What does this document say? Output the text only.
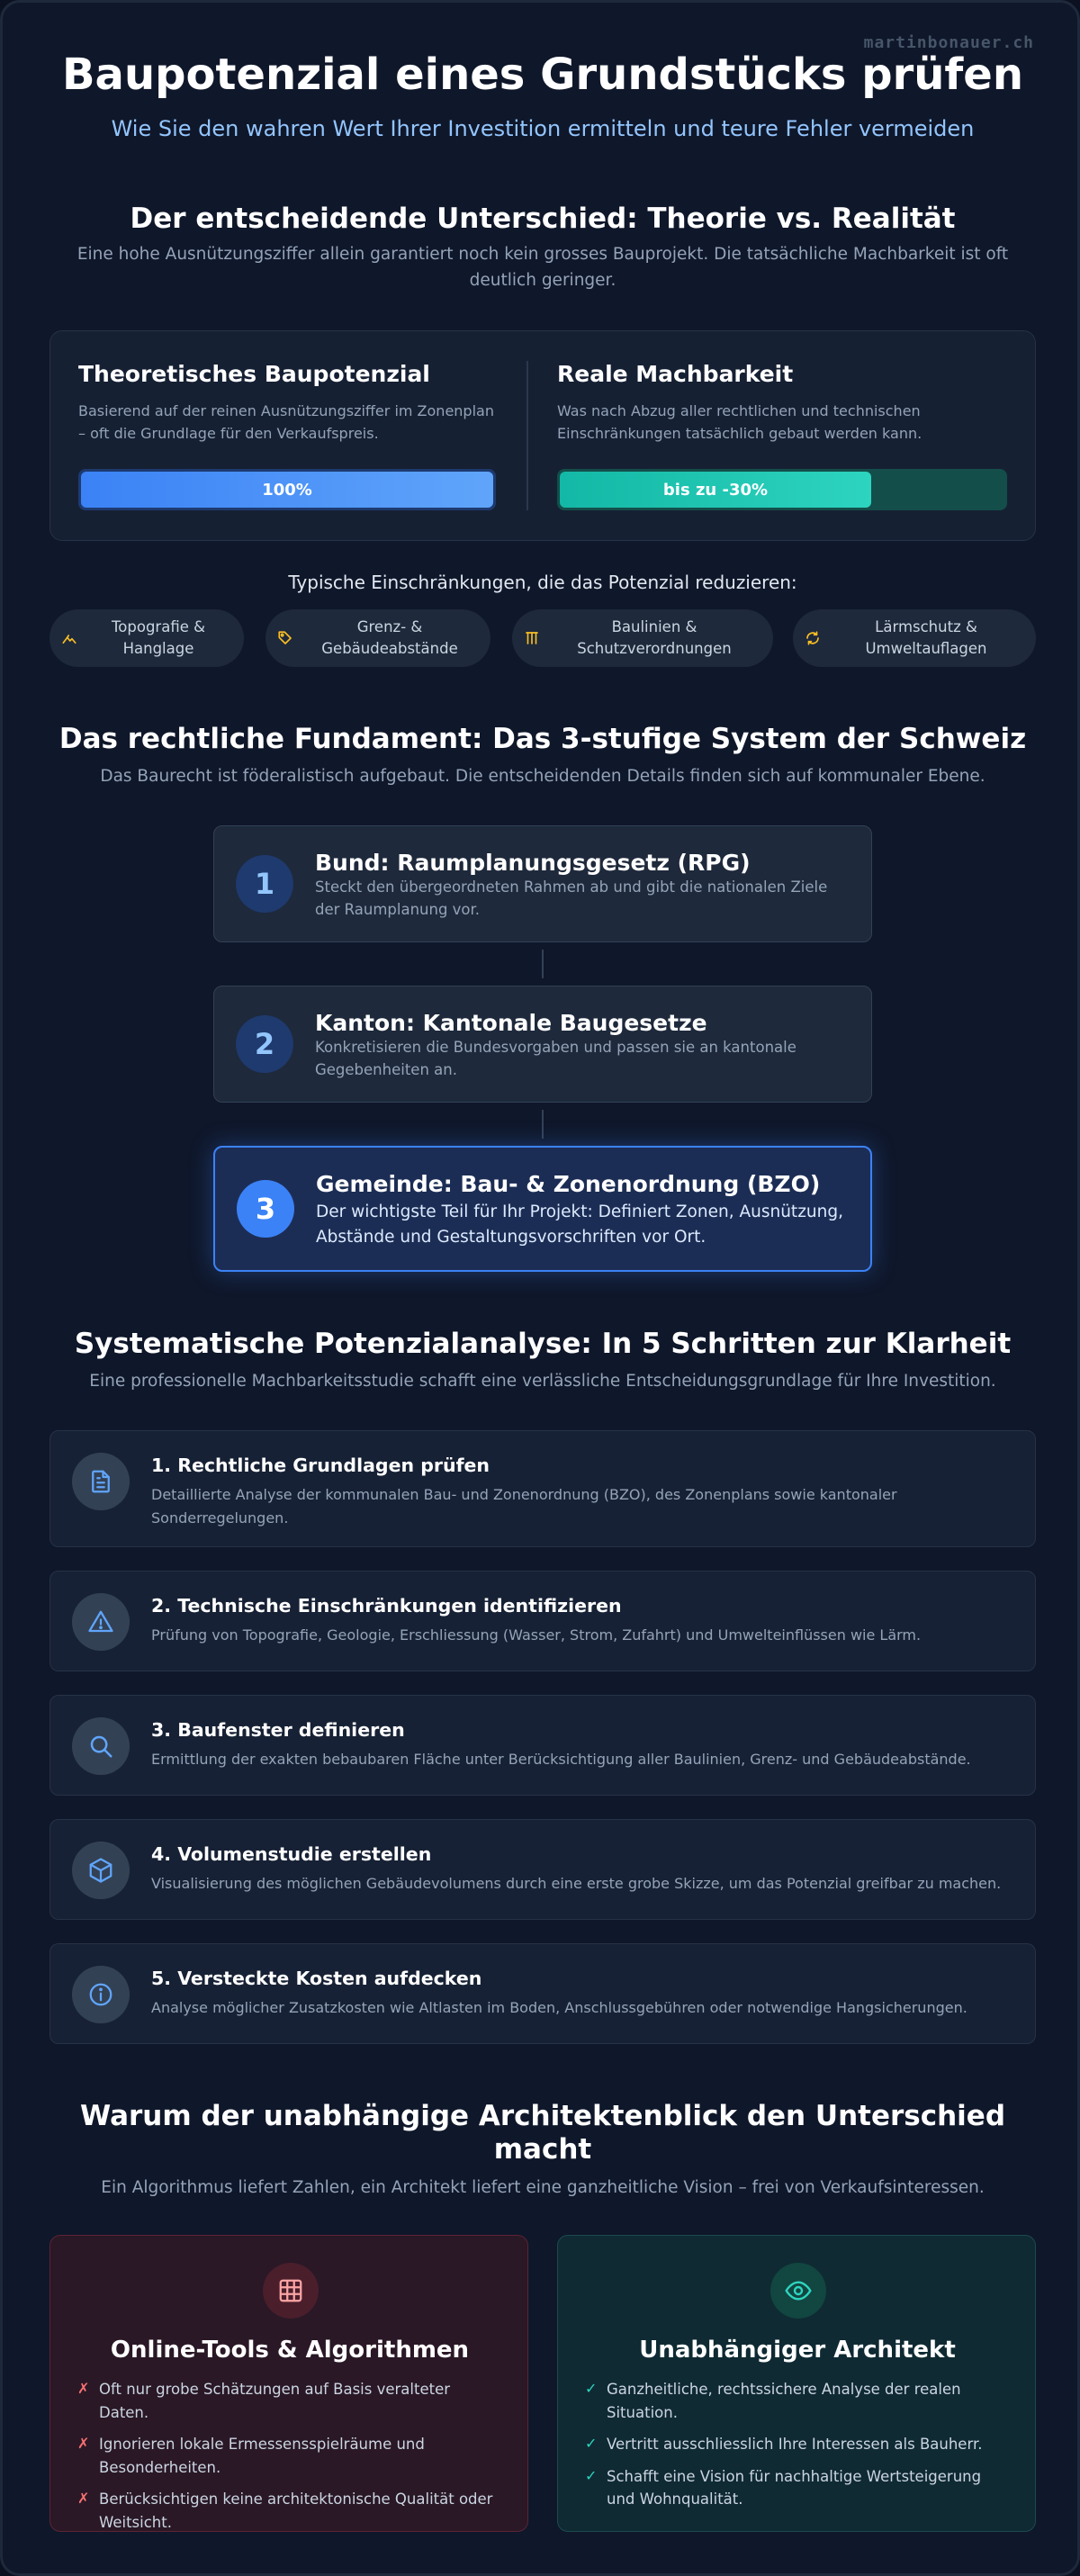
martinbonauer.ch
Baupotenzial eines Grundstücks prüfen
Wie Sie den wahren Wert Ihrer Investition ermitteln und teure Fehler vermeiden
Der entscheidende Unterschied: Theorie vs. Realität
Eine hohe Ausnützungsziffer allein garantiert noch kein grosses Bauprojekt. Die tatsächliche Machbarkeit ist oft deutlich geringer.
Theoretisches Baupotenzial
Basierend auf der reinen Ausnützungsziffer im Zonenplan – oft die Grundlage für den Verkaufspreis.
100%
Reale Machbarkeit
Was nach Abzug aller rechtlichen und technischen Einschränkungen tatsächlich gebaut werden kann.
bis zu -30%
Typische Einschränkungen, die das Potenzial reduzieren:
Topografie & Hanglage
Grenz- & Gebäudeabstände
Baulinien & Schutzverordnungen
Lärmschutz & Umweltauflagen
Das rechtliche Fundament: Das 3-stufige System der Schweiz
Das Baurecht ist föderalistisch aufgebaut. Die entscheidenden Details finden sich auf kommunaler Ebene.
1
Bund: Raumplanungsgesetz (RPG)
Steckt den übergeordneten Rahmen ab und gibt die nationalen Ziele der Raumplanung vor.
2
Kanton: Kantonale Baugesetze
Konkretisieren die Bundesvorgaben und passen sie an kantonale Gegebenheiten an.
3
Gemeinde: Bau- & Zonenordnung (BZO)
Der wichtigste Teil für Ihr Projekt: Definiert Zonen, Ausnützung, Abstände und Gestaltungsvorschriften vor Ort.
Systematische Potenzialanalyse: In 5 Schritten zur Klarheit
Eine professionelle Machbarkeitsstudie schafft eine verlässliche Entscheidungsgrundlage für Ihre Investition.
1. Rechtliche Grundlagen prüfen
Detaillierte Analyse der kommunalen Bau- und Zonenordnung (BZO), des Zonenplans sowie kantonaler Sonderregelungen.
2. Technische Einschränkungen identifizieren
Prüfung von Topografie, Geologie, Erschliessung (Wasser, Strom, Zufahrt) und Umwelteinflüssen wie Lärm.
3. Baufenster definieren
Ermittlung der exakten bebaubaren Fläche unter Berücksichtigung aller Baulinien, Grenz- und Gebäudeabstände.
4. Volumenstudie erstellen
Visualisierung des möglichen Gebäudevolumens durch eine erste grobe Skizze, um das Potenzial greifbar zu machen.
5. Versteckte Kosten aufdecken
Analyse möglicher Zusatzkosten wie Altlasten im Boden, Anschlussgebühren oder notwendige Hangsicherungen.
Warum der unabhängige Architektenblick den Unterschied macht
Ein Algorithmus liefert Zahlen, ein Architekt liefert eine ganzheitliche Vision – frei von Verkaufsinteressen.
Online-Tools & Algorithmen
✗ Oft nur grobe Schätzungen auf Basis veralteter Daten.
✗ Ignorieren lokale Ermessensspielräume und Besonderheiten.
✗ Berücksichtigen keine architektonische Qualität oder Weitsicht.
Unabhängiger Architekt
✓ Ganzheitliche, rechtssichere Analyse der realen Situation.
✓ Vertritt ausschliesslich Ihre Interessen als Bauherr.
✓ Schafft eine Vision für nachhaltige Wertsteigerung und Wohnqualität.
